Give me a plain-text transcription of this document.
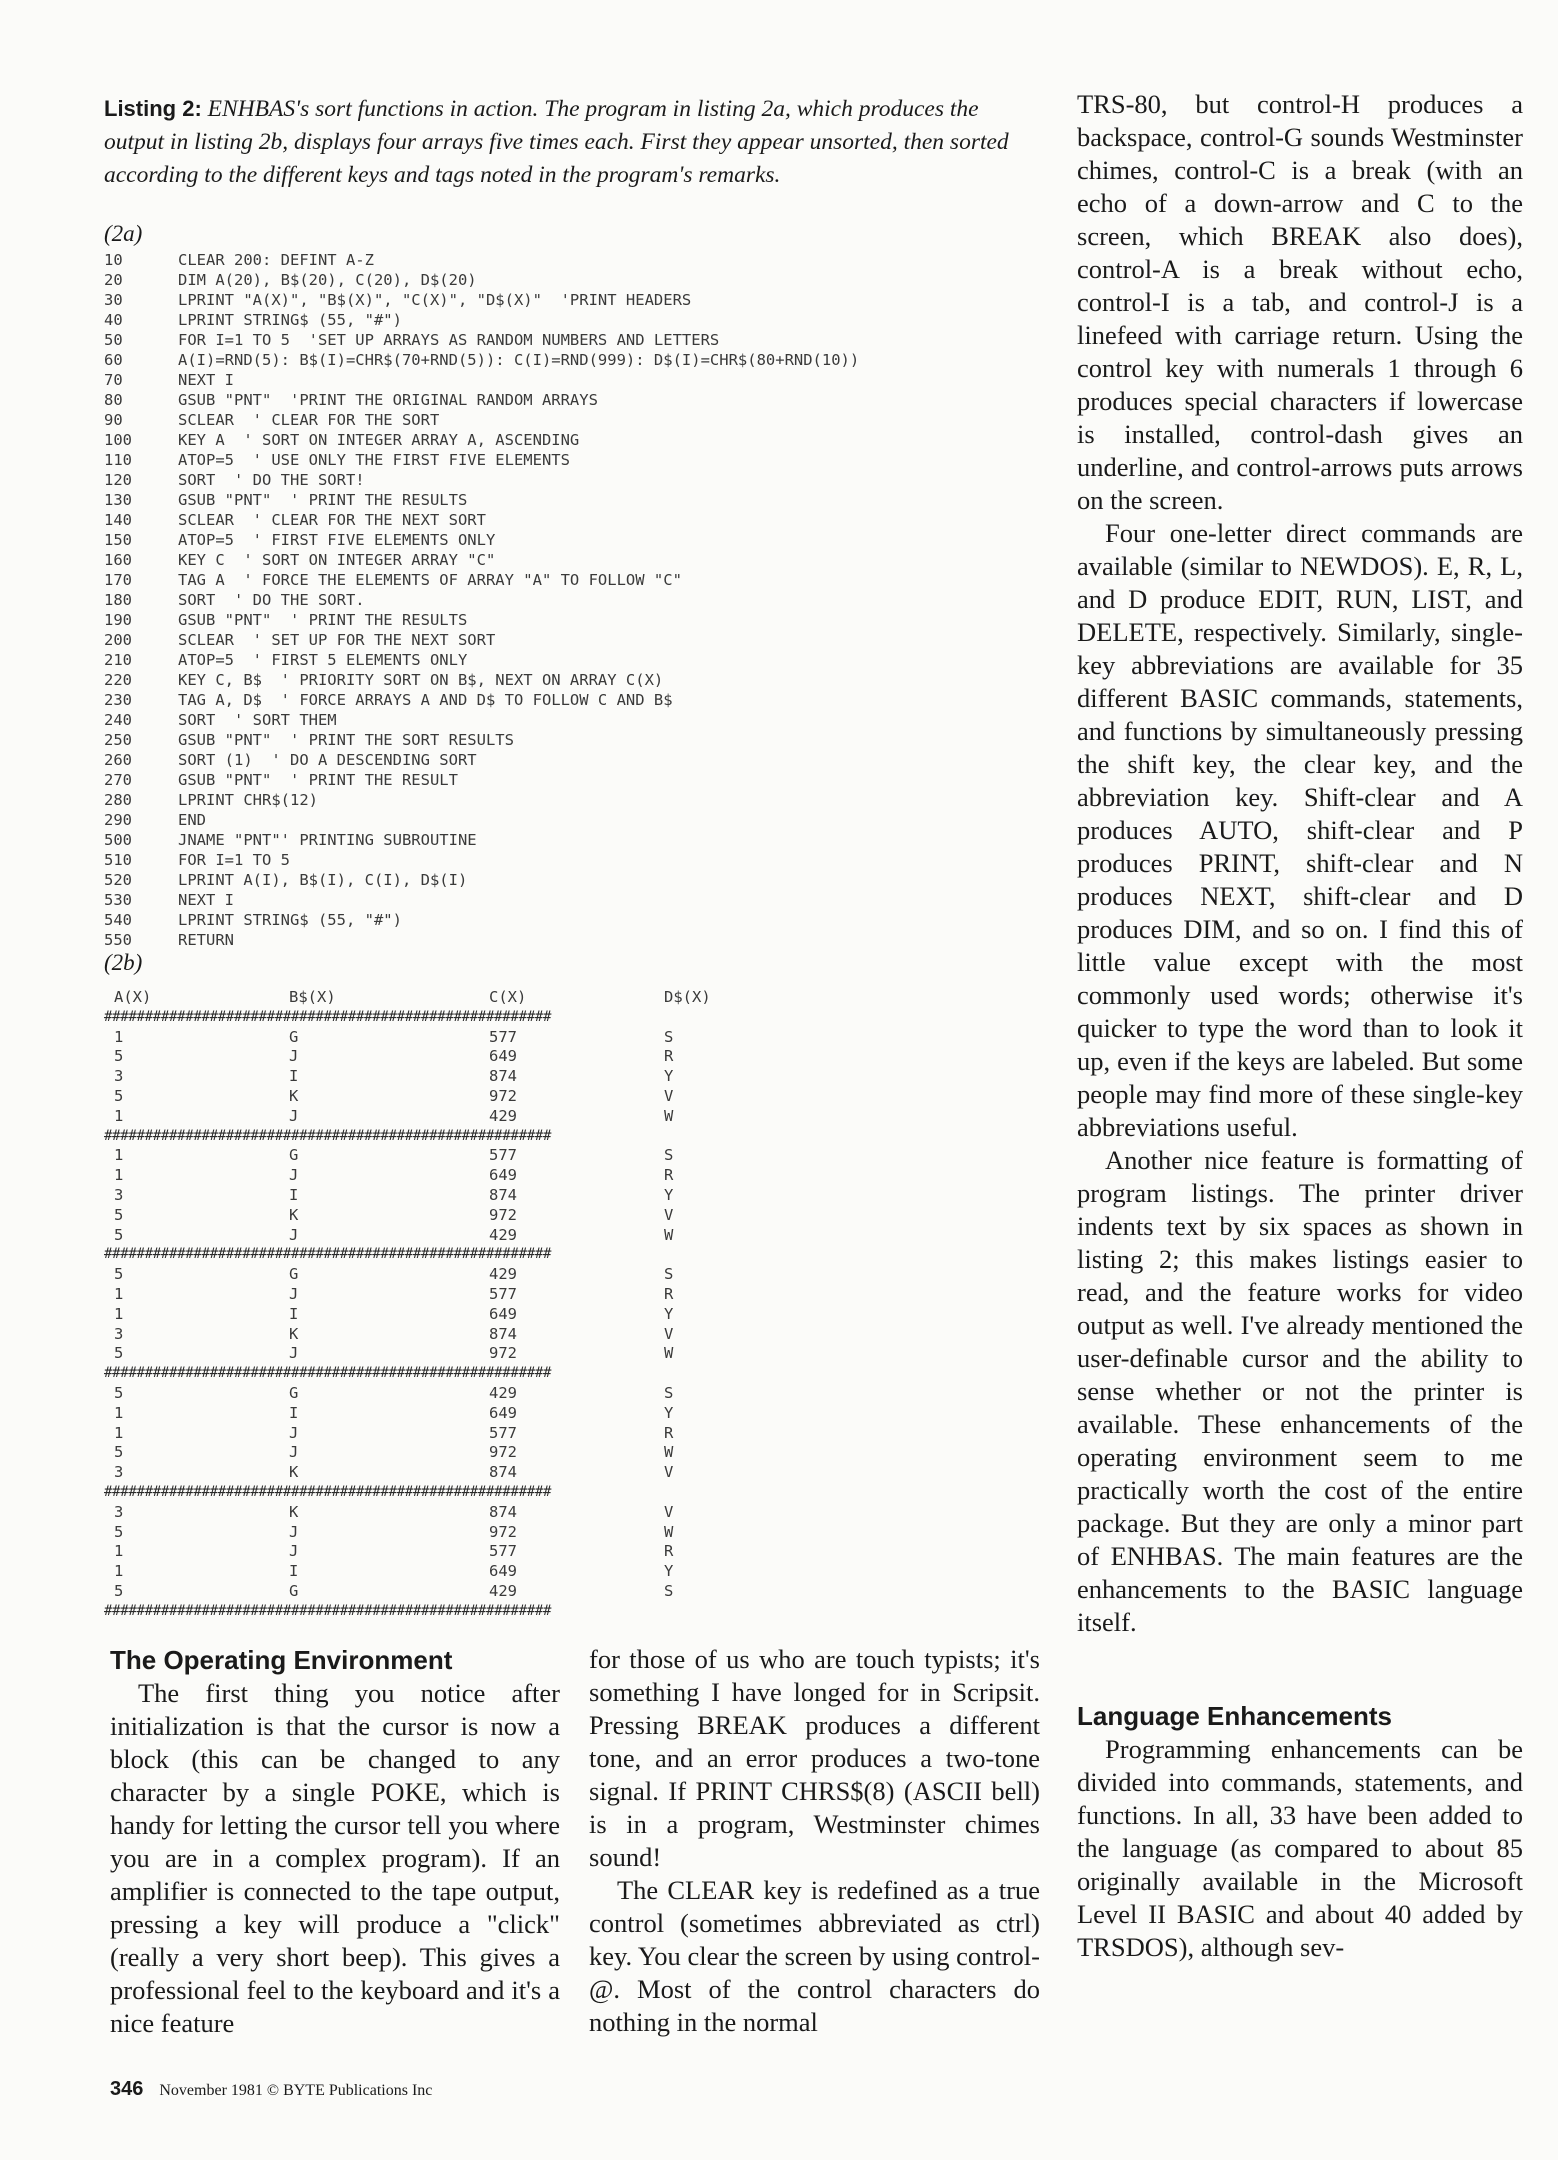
Listing 2: ENHBAS's sort functions in action. The program in listing 2a, which produces the output in listing 2b, displays four arrays five times each. First they appear unsorted, then sorted according to the different keys and tags noted in the program's remarks.
(2a)
10	CLEAR 200: DEFINT A-Z
20	DIM A(20), B$(20), C(20), D$(20)
30	LPRINT "A(X)", "B$(X)", "C(X)", "D$(X)"  'PRINT HEADERS
40	LPRINT STRING$ (55, "#")
50	FOR I=1 TO 5  'SET UP ARRAYS AS RANDOM NUMBERS AND LETTERS
60	A(I)=RND(5): B$(I)=CHR$(70+RND(5)): C(I)=RND(999): D$(I)=CHR$(80+RND(10))
70	NEXT I
80	GSUB "PNT"  'PRINT THE ORIGINAL RANDOM ARRAYS
90	SCLEAR  ' CLEAR FOR THE SORT
100	KEY A  ' SORT ON INTEGER ARRAY A, ASCENDING
110	ATOP=5  ' USE ONLY THE FIRST FIVE ELEMENTS
120	SORT  ' DO THE SORT!
130	GSUB "PNT"  ' PRINT THE RESULTS
140	SCLEAR  ' CLEAR FOR THE NEXT SORT
150	ATOP=5  ' FIRST FIVE ELEMENTS ONLY
160	KEY C  ' SORT ON INTEGER ARRAY "C"
170	TAG A  ' FORCE THE ELEMENTS OF ARRAY "A" TO FOLLOW "C"
180	SORT  ' DO THE SORT.
190	GSUB "PNT"  ' PRINT THE RESULTS
200	SCLEAR  ' SET UP FOR THE NEXT SORT
210	ATOP=5  ' FIRST 5 ELEMENTS ONLY
220	KEY C, B$  ' PRIORITY SORT ON B$, NEXT ON ARRAY C(X)
230	TAG A, D$  ' FORCE ARRAYS A AND D$ TO FOLLOW C AND B$
240	SORT  ' SORT THEM
250	GSUB "PNT"  ' PRINT THE SORT RESULTS
260	SORT (1)  ' DO A DESCENDING SORT
270	GSUB "PNT"  ' PRINT THE RESULT
280	LPRINT CHR$(12)
290	END
500	JNAME "PNT"' PRINTING SUBROUTINE
510	FOR I=1 TO 5
520	LPRINT A(I), B$(I), C(I), D$(I)
530	NEXT I
540	LPRINT STRING$ (55, "#")
550	RETURN
(2b)
A(X)	B$(X)	C(X)	D$(X)
#######################################################
1	G	577	S
5	J	649	R
3	I	874	Y
5	K	972	V
1	J	429	W
#######################################################
1	G	577	S
1	J	649	R
3	I	874	Y
5	K	972	V
5	J	429	W
#######################################################
5	G	429	S
1	J	577	R
1	I	649	Y
3	K	874	V
5	J	972	W
#######################################################
5	G	429	S
1	I	649	Y
1	J	577	R
5	J	972	W
3	K	874	V
#######################################################
3	K	874	V
5	J	972	W
1	J	577	R
1	I	649	Y
5	G	429	S
#######################################################
The Operating Environment

The first thing you notice after initialization is that the cursor is now a block (this can be changed to any character by a single POKE, which is handy for letting the cursor tell you where you are in a complex program). If an amplifier is connected to the tape output, pressing a key will produce a "click" (really a very short beep). This gives a professional feel to the keyboard and it's a nice feature

for those of us who are touch typists; it's something I have longed for in Scripsit. Pressing BREAK produces a different tone, and an error produces a two-tone signal. If PRINT CHRS$(8) (ASCII bell) is in a program, Westminster chimes sound!

The CLEAR key is redefined as a true control (sometimes abbreviated as ctrl) key. You clear the screen by using control-@. Most of the control characters do nothing in the normal

TRS-80, but control-H produces a backspace, control-G sounds Westminster chimes, control-C is a break (with an echo of a down-arrow and C to the screen, which BREAK also does), control-A is a break without echo, control-I is a tab, and control-J is a linefeed with carriage return. Using the control key with numerals 1 through 6 produces special characters if lowercase is installed, control-dash gives an underline, and control-arrows puts arrows on the screen.

Four one-letter direct commands are available (similar to NEWDOS). E, R, L, and D produce EDIT, RUN, LIST, and DELETE, respectively. Similarly, single-key abbreviations are available for 35 different BASIC commands, statements, and functions by simultaneously pressing the shift key, the clear key, and the abbreviation key. Shift-clear and A produces AUTO, shift-clear and P produces PRINT, shift-clear and N produces NEXT, shift-clear and D produces DIM, and so on. I find this of little value except with the most commonly used words; otherwise it's quicker to type the word than to look it up, even if the keys are labeled. But some people may find more of these single-key abbreviations useful.

Another nice feature is formatting of program listings. The printer driver indents text by six spaces as shown in listing 2; this makes listings easier to read, and the feature works for video output as well. I've already mentioned the user-definable cursor and the ability to sense whether or not the printer is available. These enhancements of the operating environment seem to me practically worth the cost of the entire package. But they are only a minor part of ENHBAS. The main features are the enhancements to the BASIC language itself.

Language Enhancements

Programming enhancements can be divided into commands, statements, and functions. In all, 33 have been added to the language (as compared to about 85 originally available in the Microsoft Level II BASIC and about 40 added by TRSDOS), although sev-

346 November 1981 © BYTE Publications Inc
